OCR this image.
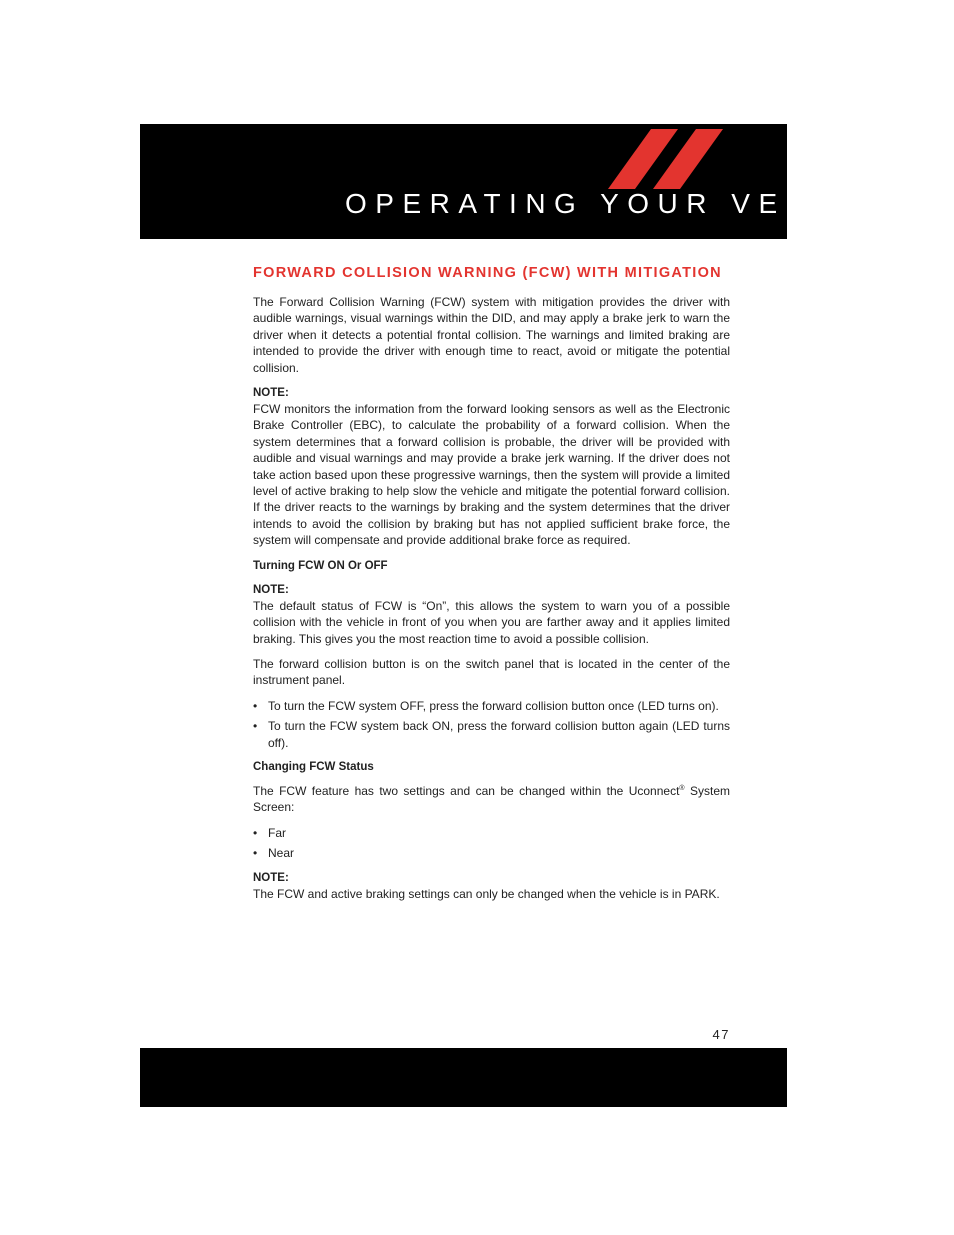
OPERATING YOUR VEHICLE
FORWARD COLLISION WARNING (FCW) WITH MITIGATION

The Forward Collision Warning (FCW) system with mitigation provides the driver with audible warnings, visual warnings within the DID, and may apply a brake jerk to warn the driver when it detects a potential frontal collision. The warnings and limited braking are intended to provide the driver with enough time to react, avoid or mitigate the potential collision.

NOTE:

FCW monitors the information from the forward looking sensors as well as the Electronic Brake Controller (EBC), to calculate the probability of a forward collision. When the system determines that a forward collision is probable, the driver will be provided with audible and visual warnings and may provide a brake jerk warning. If the driver does not take action based upon these progressive warnings, then the system will provide a limited level of active braking to help slow the vehicle and mitigate the potential forward collision. If the driver reacts to the warnings by braking and the system determines that the driver intends to avoid the collision by braking but has not applied sufficient brake force, the system will compensate and provide additional brake force as required.

Turning FCW ON Or OFF
NOTE:

The default status of FCW is “On”, this allows the system to warn you of a possible collision with the vehicle in front of you when you are farther away and it applies limited braking. This gives you the most reaction time to avoid a possible collision.

The forward collision button is on the switch panel that is located in the center of the instrument panel.

• To turn the FCW system OFF, press the forward collision button once (LED turns on).
• To turn the FCW system back ON, press the forward collision button again (LED turns off).
Changing FCW Status

The FCW feature has two settings and can be changed within the Uconnect® System Screen:

• Far
• Near
NOTE:

The FCW and active braking settings can only be changed when the vehicle is in PARK.

47
